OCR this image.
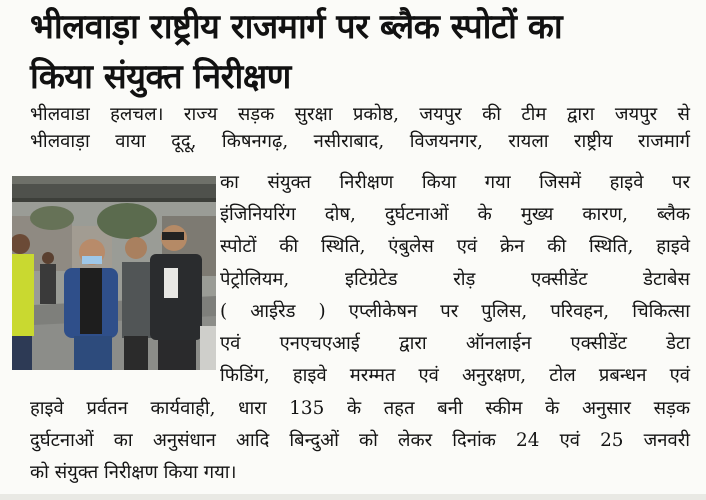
भीलवाड़ा राष्ट्रीय राजमार्ग पर ब्लैक स्पोटों का
किया संयुक्त निरीक्षण
भीलवाडा हलचल। राज्य सड़क सुरक्षा प्रकोष्ठ, जयपुर की टीम द्वारा जयपुर से
भीलवाड़ा वाया दूदू, किषनगढ़, नसीराबाद, विजयनगर, रायला राष्ट्रीय राजमार्ग
का संयुक्त निरीक्षण किया गया जिसमें हाइवे पर
इंजिनियरिंग दोष, दुर्घटनाओं के मुख्य कारण, ब्लैक
स्पोटों की स्थिति, एंबुलेस एवं क्रेन की स्थिति, हाइवे
पेट्रोलियम, इटिग्रेटेड रोड़ एक्सीडेंट डेटाबेस
( आईरेड ) एप्लीकेषन पर पुलिस, परिवहन, चिकित्सा
एवं एनएचएआई द्वारा ऑनलाईन एक्सीडेंट डेटा
फिडिंग, हाइवे मरम्मत एवं अनुरक्षण, टोल प्रबन्धन एवं
हाइवे प्रर्वतन कार्यवाही, धारा 135 के तहत बनी स्कीम के अनुसार सड़क
दुर्घटनाओं का अनुसंधान आदि बिन्दुओं को लेकर दिनांक 24 एवं 25 जनवरी
को संयुक्त निरीक्षण किया गया।
